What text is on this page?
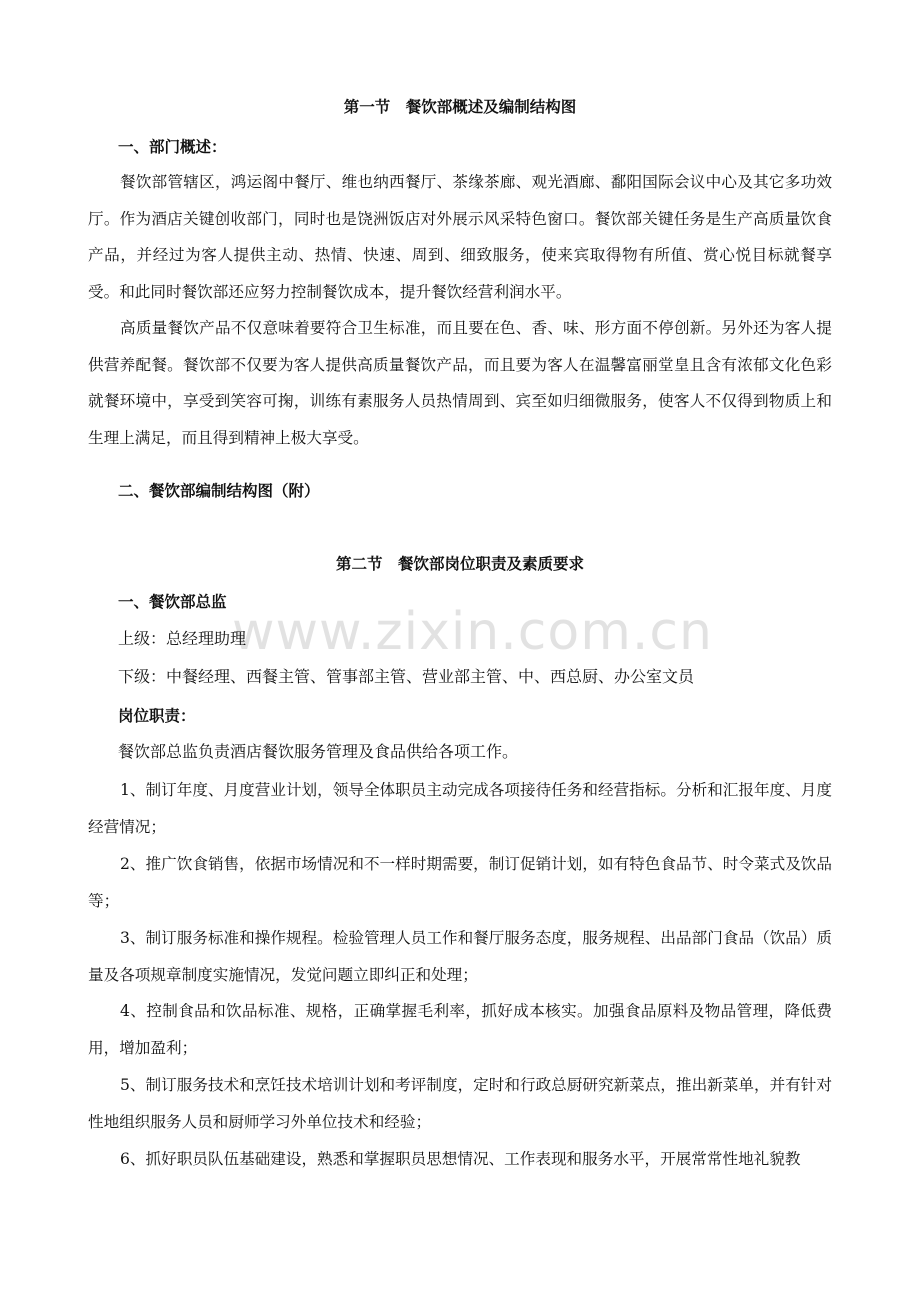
www.zixin.com.cn
第一节　餐饮部概述及编制结构图
一、部门概述：
餐饮部管辖区，鸿运阁中餐厅、维也纳西餐厅、茶缘茶廊、观光酒廊、鄱阳国际会议中心及其它多功效厅。作为酒店关键创收部门，同时也是饶洲饭店对外展示风采特色窗口。餐饮部关键任务是生产高质量饮食产品，并经过为客人提供主动、热情、快速、周到、细致服务，使来宾取得物有所值、赏心悦目标就餐享受。和此同时餐饮部还应努力控制餐饮成本，提升餐饮经营利润水平。
高质量餐饮产品不仅意味着要符合卫生标准，而且要在色、香、味、形方面不停创新。另外还为客人提供营养配餐。餐饮部不仅要为客人提供高质量餐饮产品，而且要为客人在温馨富丽堂皇且含有浓郁文化色彩就餐环境中，享受到笑容可掬，训练有素服务人员热情周到、宾至如归细微服务，使客人不仅得到物质上和生理上满足，而且得到精神上极大享受。
二、餐饮部编制结构图（附）
第二节　餐饮部岗位职责及素质要求
一、餐饮部总监
上级：总经理助理
下级：中餐经理、西餐主管、管事部主管、营业部主管、中、西总厨、办公室文员
岗位职责：
餐饮部总监负责酒店餐饮服务管理及食品供给各项工作。
1、制订年度、月度营业计划，领导全体职员主动完成各项接待任务和经营指标。分析和汇报年度、月度经营情况；
2、推广饮食销售，依据市场情况和不一样时期需要，制订促销计划，如有特色食品节、时令菜式及饮品等；
3、制订服务标准和操作规程。检验管理人员工作和餐厅服务态度，服务规程、出品部门食品（饮品）质量及各项规章制度实施情况，发觉问题立即纠正和处理；
4、控制食品和饮品标准、规格，正确掌握毛利率，抓好成本核实。加强食品原料及物品管理，降低费用，增加盈利；
5、制订服务技术和烹饪技术培训计划和考评制度，定时和行政总厨研究新菜点，推出新菜单，并有针对性地组织服务人员和厨师学习外单位技术和经验；
6、抓好职员队伍基础建设，熟悉和掌握职员思想情况、工作表现和服务水平，开展常常性地礼貌教
